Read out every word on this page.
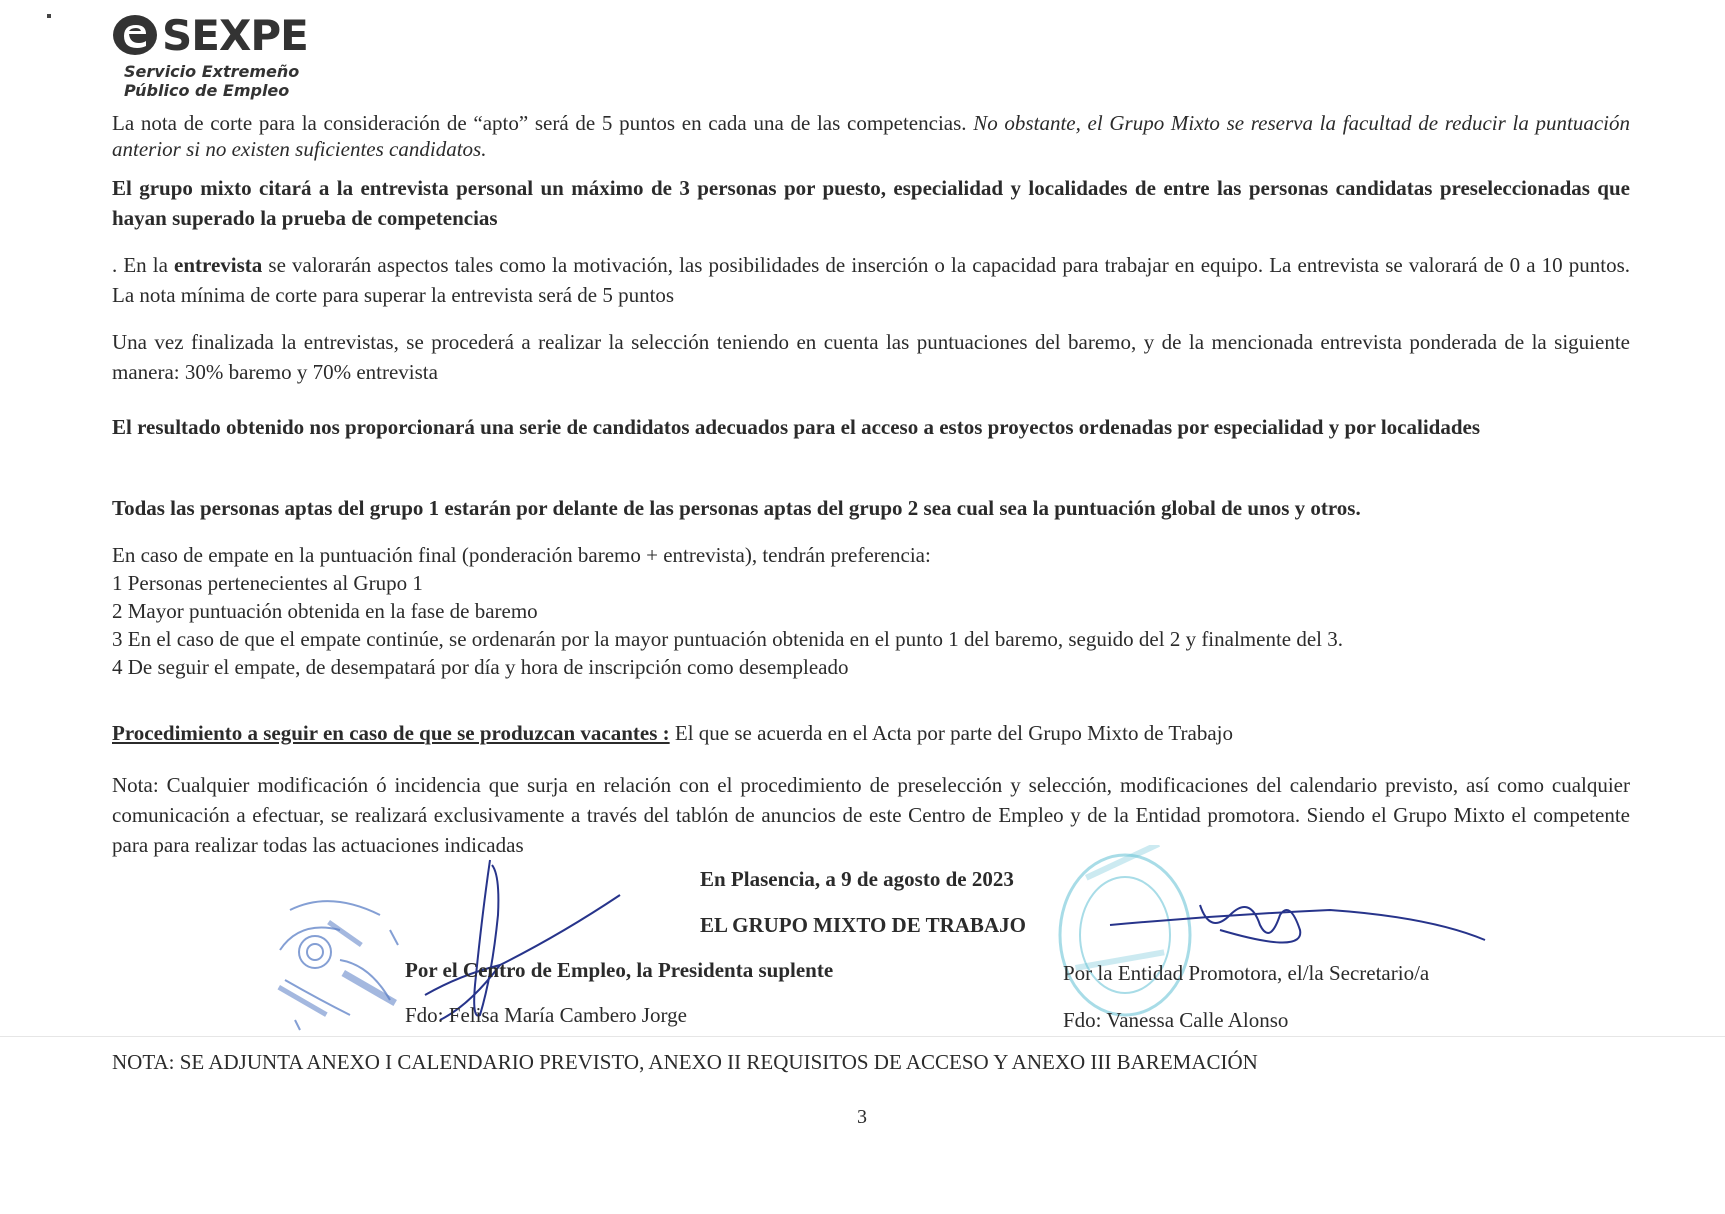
SEXPE
Servicio Extremeño
Público de Empleo

La nota de corte para la consideración de “apto” será de 5 puntos en cada una de las competencias. No obstante, el Grupo Mixto se reserva la facultad de reducir la puntuación anterior si no existen suficientes candidatos.

El grupo mixto citará a la entrevista personal un máximo de 3 personas por puesto, especialidad y localidades de entre las personas candidatas preseleccionadas que hayan superado la prueba de competencias

. En la entrevista se valorarán aspectos tales como la motivación, las posibilidades de inserción o la capacidad para trabajar en equipo. La entrevista se valorará de 0 a 10 puntos. La nota mínima de corte para superar la entrevista será de 5 puntos

Una vez finalizada la entrevistas, se procederá a realizar la selección teniendo en cuenta las puntuaciones del baremo, y de la mencionada entrevista ponderada de la siguiente manera: 30% baremo y 70% entrevista

El resultado obtenido nos proporcionará una serie de candidatos adecuados para el acceso a estos proyectos ordenadas por especialidad y por localidades

Todas las personas aptas del grupo 1 estarán por delante de las personas aptas del grupo 2 sea cual sea la puntuación global de unos y otros.

En caso de empate en la puntuación final (ponderación baremo + entrevista), tendrán preferencia:
1 Personas pertenecientes al Grupo 1
2 Mayor puntuación obtenida en la fase de baremo
3 En el caso de que el empate continúe, se ordenarán por la mayor puntuación obtenida en el punto 1 del baremo, seguido del 2 y finalmente del 3.
4 De seguir el empate, de desempatará por día y hora de inscripción como desempleado
Procedimiento a seguir en caso de que se produzcan vacantes : El que se acuerda en el Acta por parte del Grupo Mixto de Trabajo

Nota: Cualquier modificación ó incidencia que surja en relación con el procedimiento de preselección y selección, modificaciones del calendario previsto, así como cualquier comunicación a efectuar, se realizará exclusivamente a través del tablón de anuncios de este Centro de Empleo y de la Entidad promotora. Siendo el Grupo Mixto el competente para para realizar todas las actuaciones indicadas

En Plasencia, a 9 de agosto de 2023
EL GRUPO MIXTO DE TRABAJO
Por el Centro de Empleo, la Presidenta suplente
Fdo: Felisa María Cambero Jorge
Por la Entidad Promotora, el/la Secretario/a
Fdo: Vanessa Calle Alonso
NOTA: SE ADJUNTA ANEXO I CALENDARIO PREVISTO, ANEXO II REQUISITOS DE ACCESO Y ANEXO III BAREMACIÓN
3
